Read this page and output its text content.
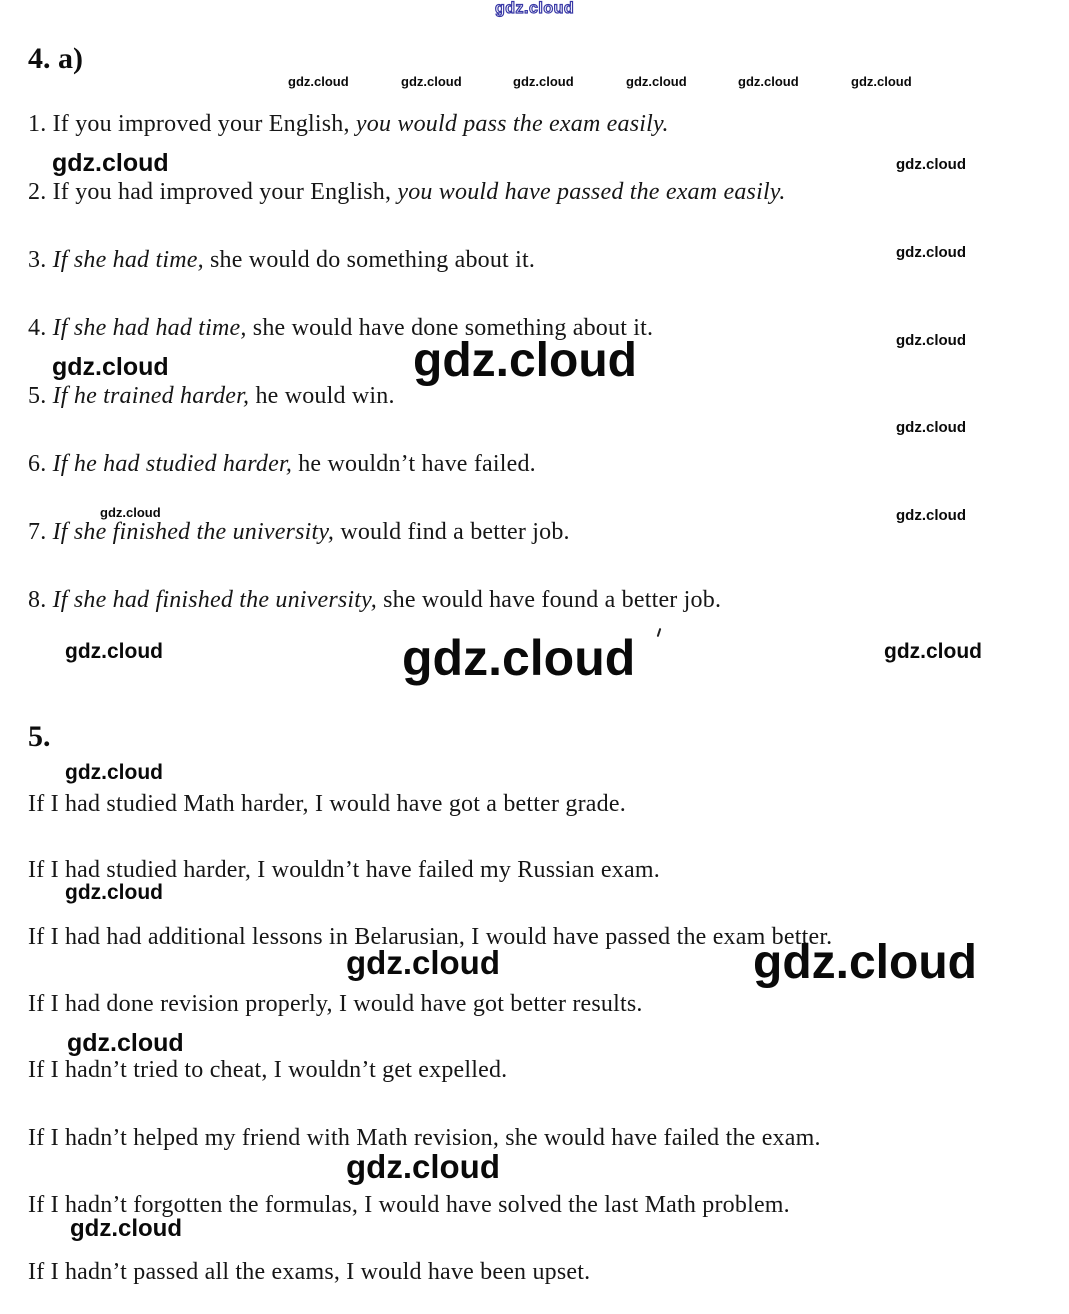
gdz.cloud
4. a)
gdz.cloud	gdz.cloud	gdz.cloud	gdz.cloud	gdz.cloud	gdz.cloud
1. If you improved your English, you would pass the exam easily.
gdz.cloud	gdz.cloud
2. If you had improved your English, you would have passed the exam easily.
gdz.cloud
3. If she had time, she would do something about it.
gdz.cloud
4. If she had had time, she would have done something about it.
gdz.cloud	gdz.cloud
5. If he trained harder, he would win.
gdz.cloud
6. If he had studied harder, he wouldn’t have failed.
gdz.cloud	gdz.cloud
7. If she finished the university, would find a better job.
8. If she had finished the university, she would have found a better job.
gdz.cloud	gdz.cloud	gdz.cloud
5.
gdz.cloud
If I had studied Math harder, I would have got a better grade.
If I had studied harder, I wouldn’t have failed my Russian exam.
gdz.cloud
If I had had additional lessons in Belarusian, I would have passed the exam better.
gdz.cloud	gdz.cloud
If I had done revision properly, I would have got better results.
gdz.cloud
If I hadn’t tried to cheat, I wouldn’t get expelled.
If I hadn’t helped my friend with Math revision, she would have failed the exam.
gdz.cloud
If I hadn’t forgotten the formulas, I would have solved the last Math problem.
gdz.cloud
If I hadn’t passed all the exams, I would have been upset.
